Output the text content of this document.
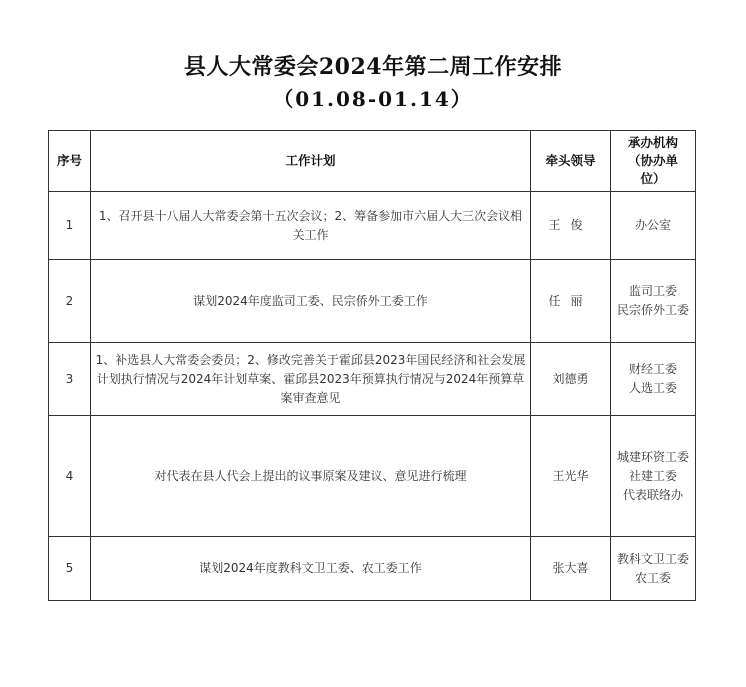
县人大常委会2024年第二周工作安排
（01.08-01.14）
序号	工作计划	牵头领导	承办机构
（协办单
位）

1	1、召开县十八届人大常委会第十五次会议；2、筹备参加市六届人大三次会议相关工作	王俊	办公室

2	谋划2024年度监司工委、民宗侨外工委工作	任丽	监司工委
民宗侨外工委

3	1、补选县人大常委会委员；2、修改完善关于霍邱县2023年国民经济和社会发展计划执行情况与2024年计划草案、霍邱县2023年预算执行情况与2024年预算草案审查意见	刘德勇	财经工委
人选工委

4	对代表在县人代会上提出的议事原案及建议、意见进行梳理	王光华	城建环资工委
社建工委
代表联络办

5	谋划2024年度教科文卫工委、农工委工作	张大喜	教科文卫工委
农工委
